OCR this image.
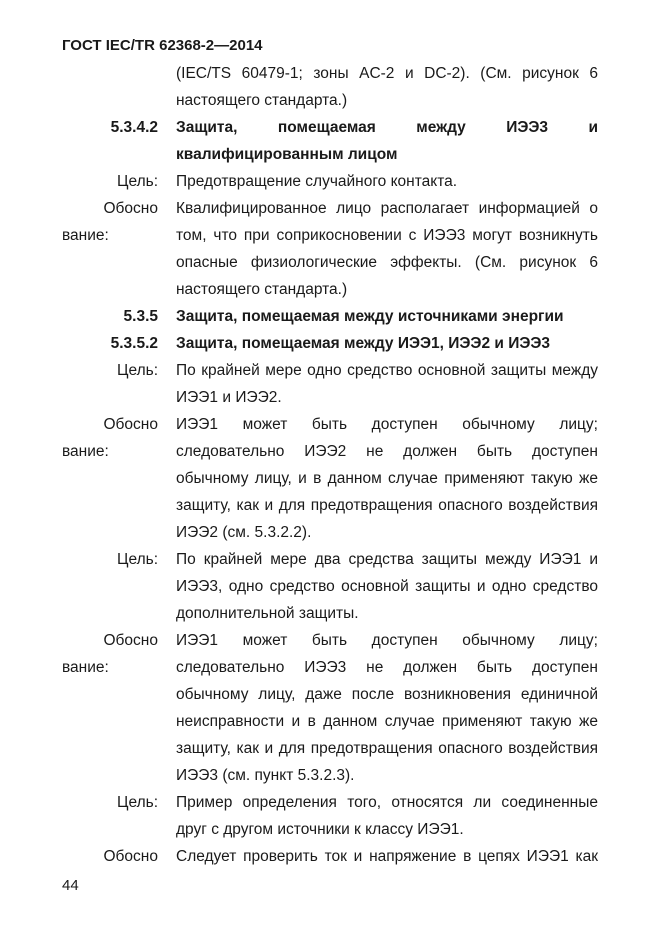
ГОСТ IEC/TR 62368-2—2014
(IEC/TS 60479-1; зоны AC-2 и DC-2). (См. рисунок 6
настоящего стандарта.)
5.3.4.2 Защита, помещаемая между ИЭЭ3 и
квалифицированным лицом
Цель: Предотвращение случайного контакта.
Обосно Квалифицированное лицо располагает информацией о
вание:	том, что при соприкосновении с ИЭЭ3 могут возникнуть
опасные физиологические эффекты. (См. рисунок 6
настоящего стандарта.)
5.3.5 Защита, помещаемая между источниками энергии
5.3.5.2 Защита, помещаемая между ИЭЭ1, ИЭЭ2 и ИЭЭ3
Цель: По крайней мере одно средство основной защиты между
ИЭЭ1 и ИЭЭ2.
Обосно ИЭЭ1 может быть доступен обычному лицу;
вание:	следовательно ИЭЭ2 не должен быть доступен
обычному лицу, и в данном случае применяют такую же
защиту, как и для предотвращения опасного воздействия
ИЭЭ2 (см. 5.3.2.2).
Цель: По крайней мере два средства защиты между ИЭЭ1 и
ИЭЭ3, одно средство основной защиты и одно средство
дополнительной защиты.
Обосно ИЭЭ1 может быть доступен обычному лицу;
вание:	следовательно ИЭЭ3 не должен быть доступен
обычному лицу, даже после возникновения единичной
неисправности и в данном случае применяют такую же
защиту, как и для предотвращения опасного воздействия
ИЭЭ3 (см. пункт 5.3.2.3).
Цель: Пример определения того, относятся ли соединенные
друг с другом источники к классу ИЭЭ1.
Обосно Следует проверить ток и напряжение в цепях ИЭЭ1 как
44
